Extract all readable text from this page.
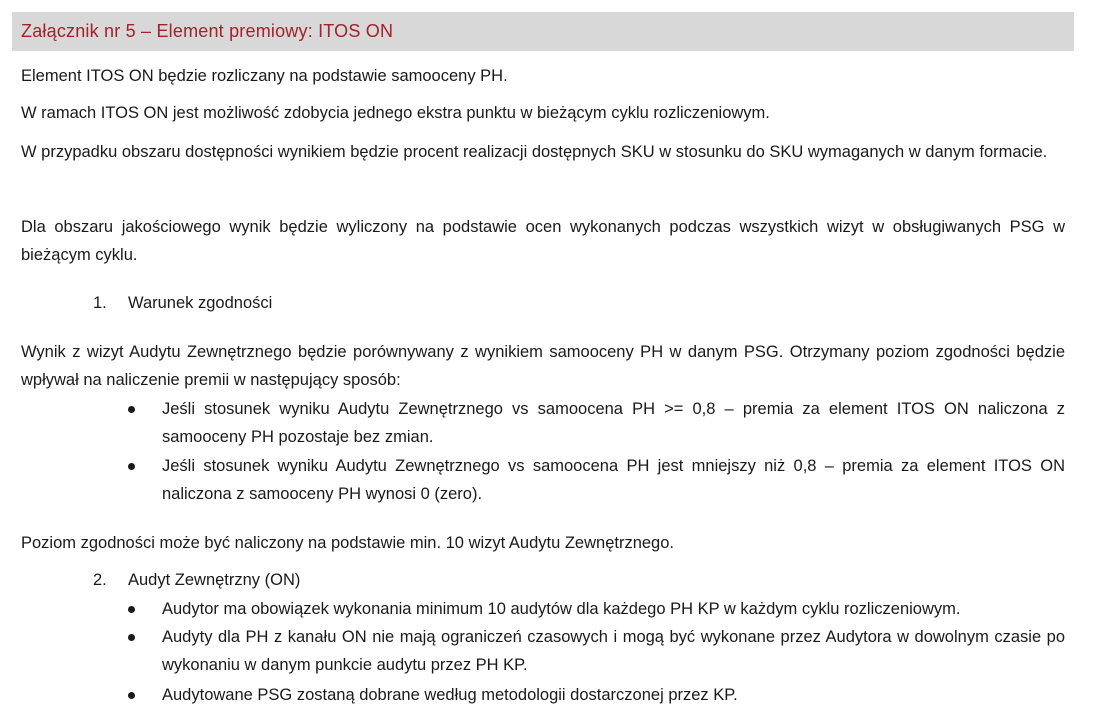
Załącznik nr 5 – Element premiowy: ITOS ON

Element ITOS ON będzie rozliczany na podstawie samooceny PH.

W ramach ITOS ON jest możliwość zdobycia jednego ekstra punktu w bieżącym cyklu rozliczeniowym.

W przypadku obszaru dostępności wynikiem będzie procent realizacji dostępnych SKU w stosunku do SKU wymaganych w danym formacie.

Dla obszaru jakościowego wynik będzie wyliczony na podstawie ocen wykonanych podczas wszystkich wizyt w obsługiwanych PSG w bieżącym cyklu.

1. Warunek zgodności

Wynik z wizyt Audytu Zewnętrznego będzie porównywany z wynikiem samooceny PH w danym PSG. Otrzymany poziom zgodności będzie wpływał na naliczenie premii w następujący sposób:

Jeśli stosunek wyniku Audytu Zewnętrznego vs samoocena PH >= 0,8 – premia za element ITOS ON naliczona z samooceny PH pozostaje bez zmian.
Jeśli stosunek wyniku Audytu Zewnętrznego vs samoocena PH jest mniejszy niż 0,8 – premia za element ITOS ON naliczona z samooceny PH wynosi 0 (zero).

Poziom zgodności może być naliczony na podstawie min. 10 wizyt Audytu Zewnętrznego.

2. Audyt Zewnętrzny (ON)
Audytor ma obowiązek wykonania minimum 10 audytów dla każdego PH KP w każdym cyklu rozliczeniowym.
Audyty dla PH z kanału ON nie mają ograniczeń czasowych i mogą być wykonane przez Audytora w dowolnym czasie po wykonaniu w danym punkcie audytu przez PH KP.
Audytowane PSG zostaną dobrane według metodologii dostarczonej przez KP.
